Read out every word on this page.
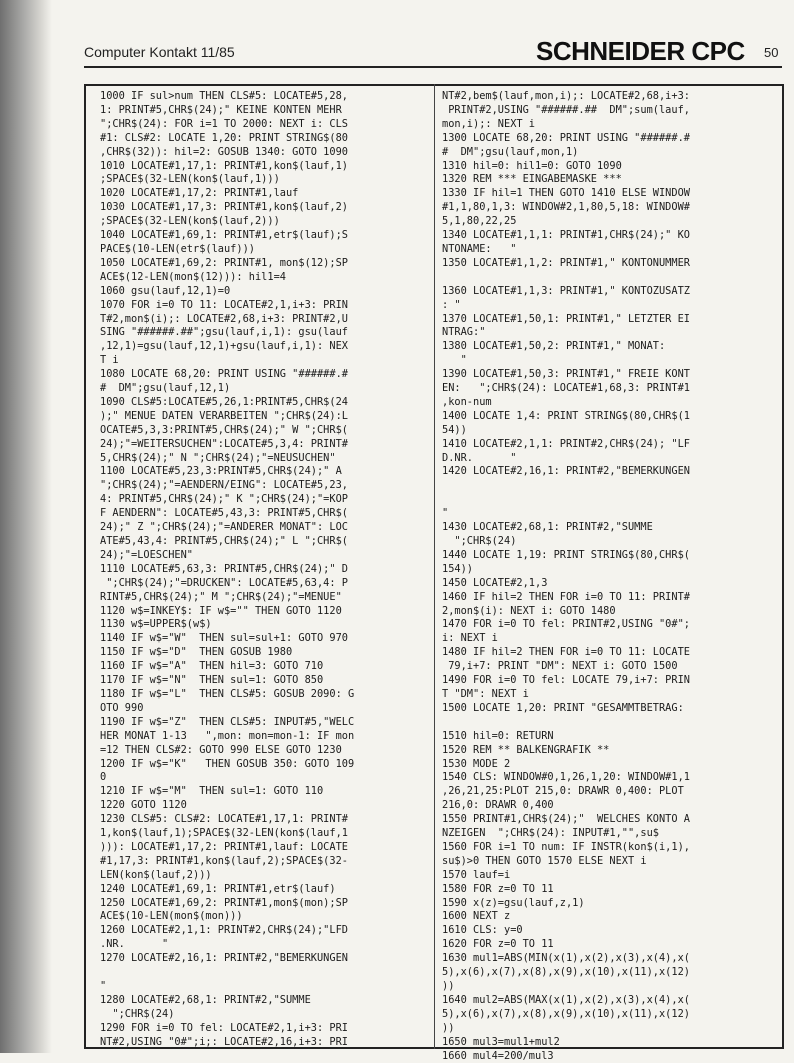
Computer Kontakt 11/85	SCHNEIDER CPC 50
1000 IF sul>num THEN CLS#5: LOCATE#5,28,
1: PRINT#5,CHR$(24);" KEINE KONTEN MEHR
";CHR$(24): FOR i=1 TO 2000: NEXT i: CLS
#1: CLS#2: LOCATE 1,20: PRINT STRING$(80
,CHR$(32)): hil=2: GOSUB 1340: GOTO 1090
1010 LOCATE#1,17,1: PRINT#1,kon$(lauf,1)
;SPACE$(32-LEN(kon$(lauf,1)))
1020 LOCATE#1,17,2: PRINT#1,lauf
1030 LOCATE#1,17,3: PRINT#1,kon$(lauf,2)
;SPACE$(32-LEN(kon$(lauf,2)))
1040 LOCATE#1,69,1: PRINT#1,etr$(lauf);S
PACE$(10-LEN(etr$(lauf)))
1050 LOCATE#1,69,2: PRINT#1, mon$(12);SP
ACE$(12-LEN(mon$(12))): hil1=4
1060 gsu(lauf,12,1)=0
1070 FOR i=0 TO 11: LOCATE#2,1,i+3: PRIN
T#2,mon$(i);: LOCATE#2,68,i+3: PRINT#2,U
SING "######.##";gsu(lauf,i,1): gsu(lauf
,12,1)=gsu(lauf,12,1)+gsu(lauf,i,1): NEX
T i
1080 LOCATE 68,20: PRINT USING "######.#
#  DM";gsu(lauf,12,1)
1090 CLS#5:LOCATE#5,26,1:PRINT#5,CHR$(24
);" MENUE DATEN VERARBEITEN ";CHR$(24):L
OCATE#5,3,3:PRINT#5,CHR$(24);" W ";CHR$(
24);"=WEITERSUCHEN":LOCATE#5,3,4: PRINT#
5,CHR$(24);" N ";CHR$(24);"=NEUSUCHEN"
1100 LOCATE#5,23,3:PRINT#5,CHR$(24);" A
";CHR$(24);"=AENDERN/EING": LOCATE#5,23,
4: PRINT#5,CHR$(24);" K ";CHR$(24);"=KOP
F AENDERN": LOCATE#5,43,3: PRINT#5,CHR$(
24);" Z ";CHR$(24);"=ANDERER MONAT": LOC
ATE#5,43,4: PRINT#5,CHR$(24);" L ";CHR$(
24);"=LOESCHEN"
1110 LOCATE#5,63,3: PRINT#5,CHR$(24);" D
";CHR$(24);"=DRUCKEN": LOCATE#5,63,4: P
RINT#5,CHR$(24);" M ";CHR$(24);"=MENUE"
1120 w$=INKEY$: IF w$="" THEN GOTO 1120
1130 w$=UPPER$(w$)
1140 IF w$="W"  THEN sul=sul+1: GOTO 970
1150 IF w$="D"  THEN GOSUB 1980
1160 IF w$="A"  THEN hil=3: GOTO 710
1170 IF w$="N"  THEN sul=1: GOTO 850
1180 IF w$="L"  THEN CLS#5: GOSUB 2090: G
OTO 990
1190 IF w$="Z"  THEN CLS#5: INPUT#5,"WELC
HER MONAT 1-13   ",mon: mon=mon-1: IF mon
=12 THEN CLS#2: GOTO 990 ELSE GOTO 1230
1200 IF w$="K"   THEN GOSUB 350: GOTO 109
0
1210 IF w$="M"  THEN sul=1: GOTO 110
1220 GOTO 1120
1230 CLS#5: CLS#2: LOCATE#1,17,1: PRINT#
1,kon$(lauf,1);SPACE$(32-LEN(kon$(lauf,1
))): LOCATE#1,17,2: PRINT#1,lauf: LOCATE
#1,17,3: PRINT#1,kon$(lauf,2);SPACE$(32-
LEN(kon$(lauf,2)))
1240 LOCATE#1,69,1: PRINT#1,etr$(lauf)
1250 LOCATE#1,69,2: PRINT#1,mon$(mon);SP
ACE$(10-LEN(mon$(mon)))
1260 LOCATE#2,1,1: PRINT#2,CHR$(24);"LFD
.NR.      "
1270 LOCATE#2,16,1: PRINT#2,"BEMERKUNGEN

"
1280 LOCATE#2,68,1: PRINT#2,"SUMME
";CHR$(24)
1290 FOR i=0 TO fel: LOCATE#2,1,i+3: PRI
NT#2,USING "0#";i;: LOCATE#2,16,i+3: PRI
NT#2,bem$(lauf,mon,i);: LOCATE#2,68,i+3:
PRINT#2,USING "######.##  DM";sum(lauf,
mon,i);: NEXT i
1300 LOCATE 68,20: PRINT USING "######.#
#  DM";gsu(lauf,mon,1)
1310 hil=0: hil1=0: GOTO 1090
1320 REM *** EINGABEMASKE ***
1330 IF hil=1 THEN GOTO 1410 ELSE WINDOW
#1,1,80,1,3: WINDOW#2,1,80,5,18: WINDOW#
5,1,80,22,25
1340 LOCATE#1,1,1: PRINT#1,CHR$(24);" KO
NTONAME:   "
1350 LOCATE#1,1,2: PRINT#1," KONTONUMMER

1360 LOCATE#1,1,3: PRINT#1," KONTOZUSATZ
: "
1370 LOCATE#1,50,1: PRINT#1," LETZTER EI
NTRAG:"
1380 LOCATE#1,50,2: PRINT#1," MONAT:
"
1390 LOCATE#1,50,3: PRINT#1," FREIE KONT
EN:   ";CHR$(24): LOCATE#1,68,3: PRINT#1
,kon-num
1400 LOCATE 1,4: PRINT STRING$(80,CHR$(1
54))
1410 LOCATE#2,1,1: PRINT#2,CHR$(24); "LF
D.NR.      "
1420 LOCATE#2,16,1: PRINT#2,"BEMERKUNGEN

"
1430 LOCATE#2,68,1: PRINT#2,"SUMME
";CHR$(24)
1440 LOCATE 1,19: PRINT STRING$(80,CHR$(
154))
1450 LOCATE#2,1,3
1460 IF hil=2 THEN FOR i=0 TO 11: PRINT#
2,mon$(i): NEXT i: GOTO 1480
1470 FOR i=0 TO fel: PRINT#2,USING "0#";
i: NEXT i
1480 IF hil=2 THEN FOR i=0 TO 11: LOCATE
79,i+7: PRINT "DM": NEXT i: GOTO 1500
1490 FOR i=0 TO fel: LOCATE 79,i+7: PRIN
T "DM": NEXT i
1500 LOCATE 1,20: PRINT "GESAMMTBETRAG:

1510 hil=0: RETURN
1520 REM ** BALKENGRAFIK **
1530 MODE 2
1540 CLS: WINDOW#0,1,26,1,20: WINDOW#1,1
,26,21,25:PLOT 215,0: DRAWR 0,400: PLOT
216,0: DRAWR 0,400
1550 PRINT#1,CHR$(24);"  WELCHES KONTO A
NZEIGEN  ";CHR$(24): INPUT#1,"",su$
1560 FOR i=1 TO num: IF INSTR(kon$(i,1),
su$)>0 THEN GOTO 1570 ELSE NEXT i
1570 lauf=i
1580 FOR z=0 TO 11
1590 x(z)=gsu(lauf,z,1)
1600 NEXT z
1610 CLS: y=0
1620 FOR z=0 TO 11
1630 mul1=ABS(MIN(x(1),x(2),x(3),x(4),x(
5),x(6),x(7),x(8),x(9),x(10),x(11),x(12)
))
1640 mul2=ABS(MAX(x(1),x(2),x(3),x(4),x(
5),x(6),x(7),x(8),x(9),x(10),x(11),x(12)
))
1650 mul3=mul1+mul2
1660 mul4=200/mul3
